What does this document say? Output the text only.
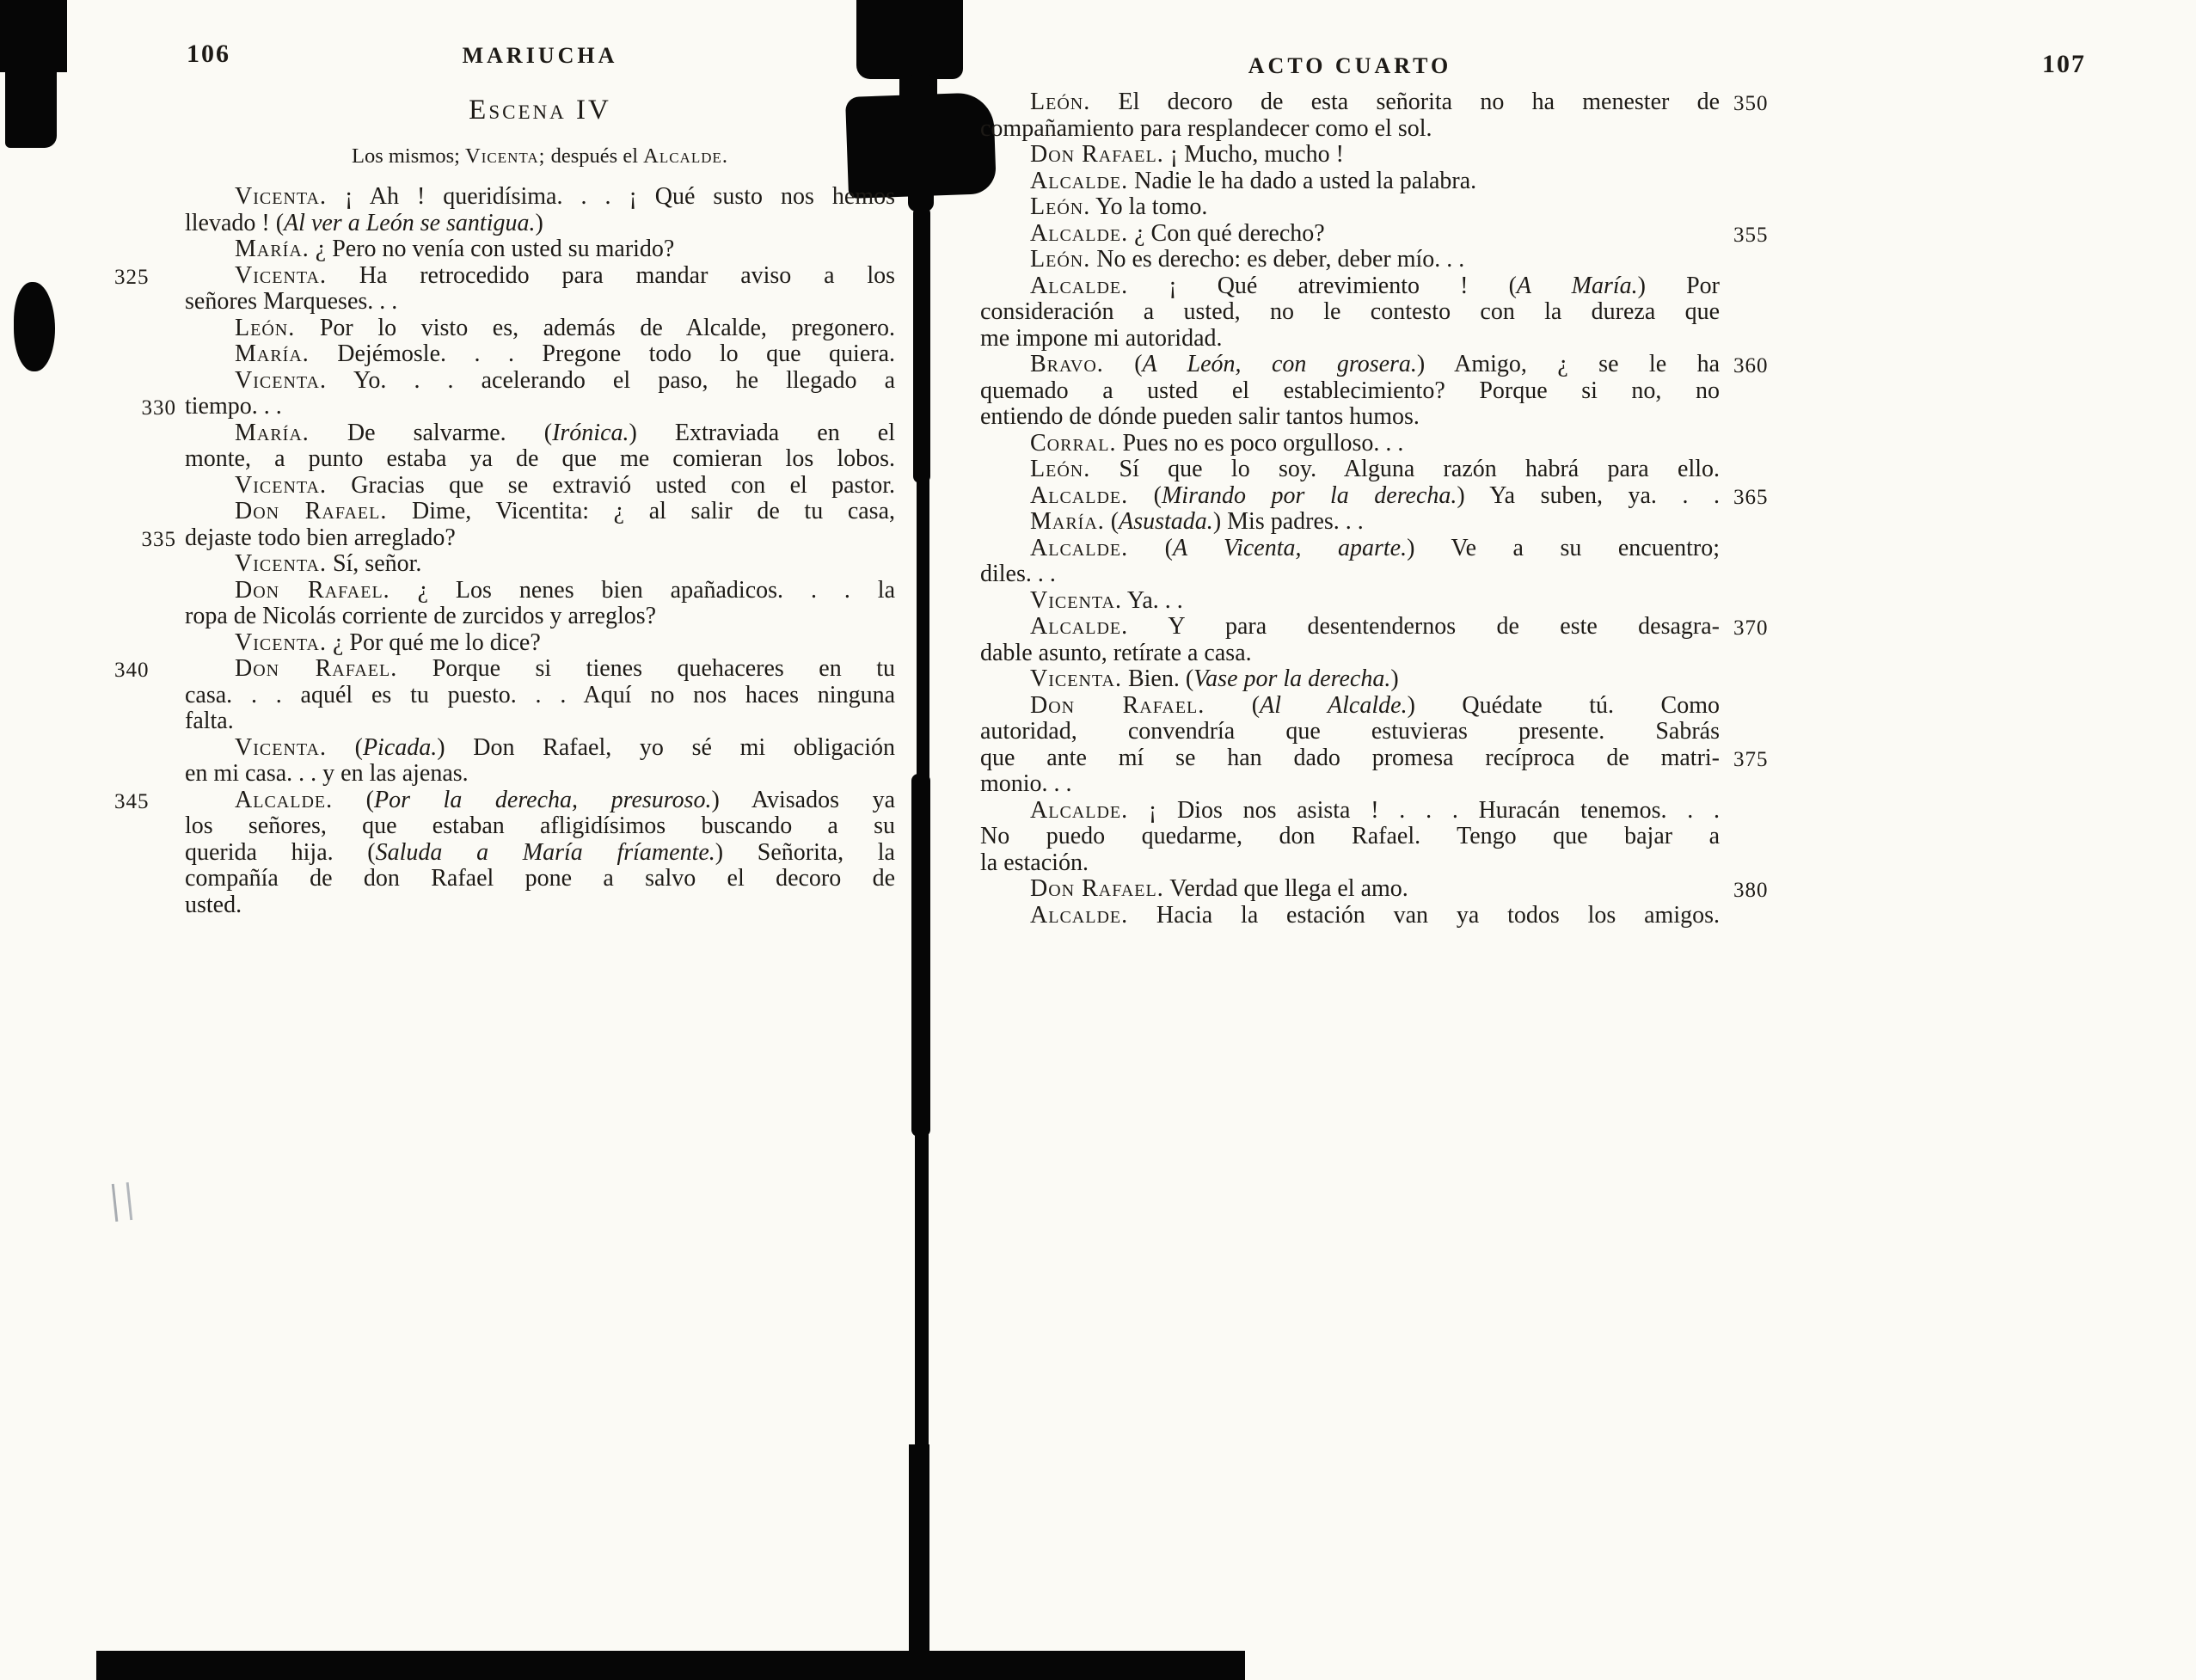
106	MARIUCHA
Escena IV
Los mismos; Vicenta; después el Alcalde.
Vicenta. ¡ Ah ! queridísima. . . ¡ Qué susto nos hemos
llevado ! (Al ver a León se santigua.)
María. ¿ Pero no venía con usted su marido?
325	Vicenta. Ha retrocedido para mandar aviso a los
señores Marqueses. . .
León. Por lo visto es, además de Alcalde, pregonero.
María. Dejémosle. . . Pregone todo lo que quiera.
Vicenta. Yo. . . acelerando el paso, he llegado a
330 tiempo. . .
María. De salvarme. (Irónica.) Extraviada en el
monte, a punto estaba ya de que me comieran los lobos.
Vicenta. Gracias que se extravió usted con el pastor.
Don Rafael. Dime, Vicentita: ¿ al salir de tu casa,
335 dejaste todo bien arreglado?
Vicenta. Sí, señor.
Don Rafael. ¿ Los nenes bien apañadicos. . . la
ropa de Nicolás corriente de zurcidos y arreglos?
Vicenta. ¿ Por qué me lo dice?
340	Don Rafael. Porque si tienes quehaceres en tu
casa. . . aquél es tu puesto. . . Aquí no nos haces ninguna
falta.
Vicenta. (Picada.) Don Rafael, yo sé mi obligación
en mi casa. . . y en las ajenas.
345	Alcalde. (Por la derecha, presuroso.) Avisados ya
los señores, que estaban afligidísimos buscando a su
querida hija. (Saluda a María fríamente.) Señorita, la
compañía de don Rafael pone a salvo el decoro de
usted.
ACTO CUARTO
350
León. El decoro de esta señorita no ha menester de
compañamiento para resplandecer como el sol.
Don Rafael. ¡ Mucho, mucho !
Alcalde. Nadie le ha dado a usted la palabra.
León. Yo la tomo.
355
Alcalde. ¿ Con qué derecho?
León. No es derecho: es deber, deber mío. . .
Alcalde. ¡ Qué atrevimiento ! (A María.) Por
consideración a usted, no le contesto con la dureza que
me impone mi autoridad.
360
Bravo. (A León, con grosera.) Amigo, ¿ se le ha
quemado a usted el establecimiento? Porque si no, no
entiendo de dónde pueden salir tantos humos.
Corral. Pues no es poco orgulloso. . .
León. Sí que lo soy. Alguna razón habrá para ello.
365
Alcalde. (Mirando por la derecha.) Ya suben, ya. . .
María. (Asustada.) Mis padres. . .
Alcalde. (A Vicenta, aparte.) Ve a su encuentro;
diles. . .
Vicenta. Ya. . .
370
Alcalde. Y para desentendernos de este desagra-
dable asunto, retírate a casa.
Vicenta. Bien. (Vase por la derecha.)
Don Rafael. (Al Alcalde.) Quédate tú. Como
autoridad, convendría que estuvieras presente. Sabrás
375
que ante mí se han dado promesa recíproca de matri-
monio. . .
Alcalde. ¡ Dios nos asista ! . . . Huracán tenemos. . .
No puedo quedarme, don Rafael. Tengo que bajar a
la estación.
380
Don Rafael. Verdad que llega el amo.
Alcalde. Hacia la estación van ya todos los amigos.
107
